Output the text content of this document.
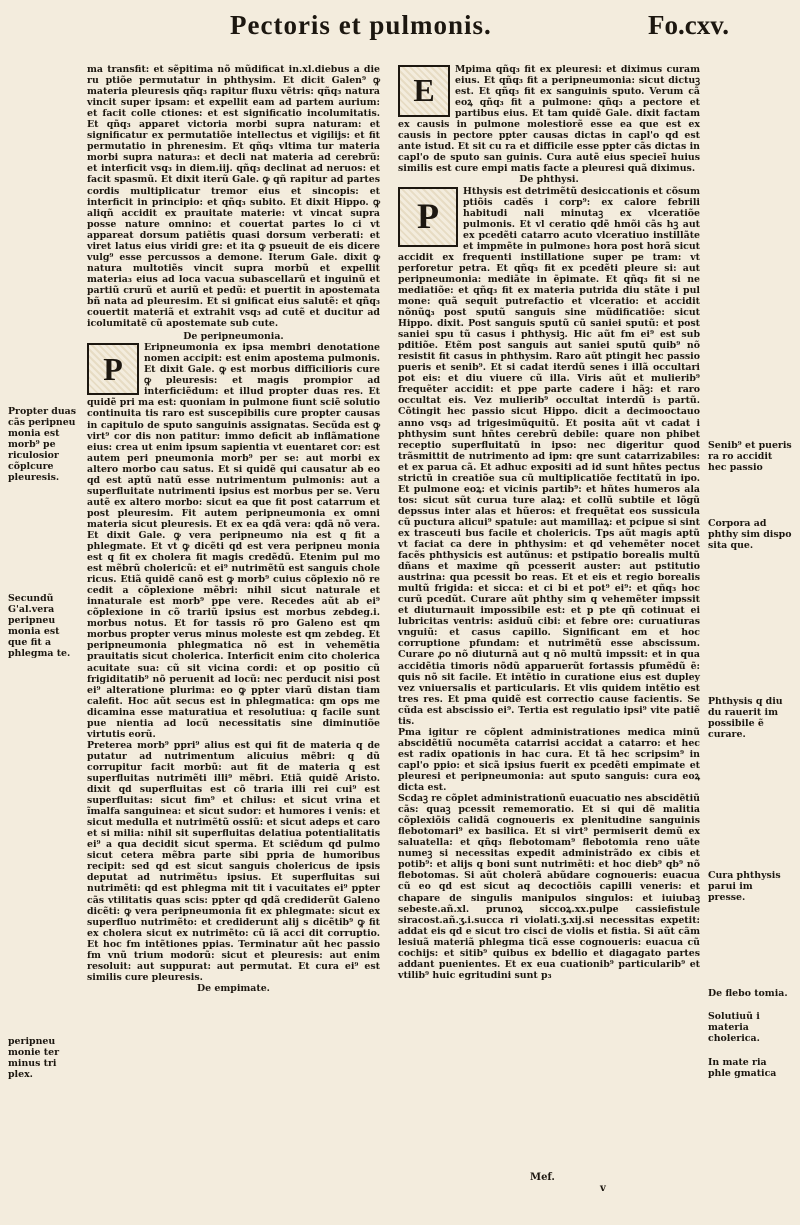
Pectoris et pulmonis.	Fo.cxv.
Propter duas cãs peripneu monia est morb⁹ pe riculosior cõplcure pleuresis.
Secundũ G'al.vera peripneu monia est que fit a phlegma te.
peripneu monie ter minus tri plex.

ma transfit: et sẽpitima nõ mũdificat in.xl.diebus a die ru ptiõe permutatur in phthysim. Et dicit Galen⁹ ꝙ materia pleuresis qñq₃ rapitur fluxu vẽtris: qñq₃ natura vincit super ipsam: et expellit eam ad partem aurium: et facit colle ctiones: et est significatio incolumitatis. Et qñq₃ apparet victoria morbi supra naturam: et significatur ex permutatiõe intellectus et vigilijs: et fit permutatio in phrenesim. Et qñq₃ vltima tur materia morbi supra natura₃: et decli nat materia ad cerebrũ: et interficit vsq₃ in diem.iij. qñq₃ declinat ad neruos: et facit spasmũ. Et dixit iterũ Gale. ꝙ qñ rapitur ad partes cordis multiplicatur tremor eius et sincopis: et interficit in principio: et qñq₃ subito. Et dixit Hippo. ꝙ aliqñ accidit ex prauitate materie: vt vincat supra posse nature omnino: et couertat partes lo ci vt appareat dorsum patiẽtis quasi dorsum verberati: et viret latus eius viridi gre: et ita ꝙ psueuit de eis dicere vulg⁹ esse percussos a demone. Iterum Gale. dixit ꝙ natura multotiẽs vincit supra morbũ et expellit materia₃ eius ad loca vacua subascellarũ et inguinũ et partiũ crurũ et auriũ et pedũ: et puertit in apostemata bñ nata ad pleuresim. Et si gnificat eius salutẽ: et qñq₃ couertit materiã et extrahit vsq₃ ad cutẽ et ducitur ad icolumitatẽ cũ apostemate sub cute.

De peripneumonia.

P

Eripneumonia ex ipsa membri denotatione nomen accipit: est enim apostema pulmonis. Et dixit Gale. ꝙ est morbus difficilioris cure ꝙ pleuresis: et magis prompior ad interficiẽdum: et illud propter duas res. Et quidẽ pri ma est: quoniam in pulmone fiunt sciẽ solutio continuita tis raro est suscepibilis cure propter causas in capitulo de sputo sanguinis assignatas. Secũda est ꝙ virt⁹ cor dis non patitur: immo deficit ab inflãmatione eius: crea ut enim ipsum sapientia vt euentaret cor: est autem peri pneumonia morb⁹ per se: aut morbi ex altero morbo cau satus. Et si quidẽ qui causatur ab eo qd est aptũ natũ esse nutrimentum pulmonis: aut a superfluitate nutrimenti ipsius est morbus per se. Veru autẽ ex altero morbo: sicut ea que fit post catarrum et post pleuresim. Fit autem peripneumonia ex omni materia sicut pleuresis. Et ex ea qdã vera: qdã nõ vera. Et dixit Gale. ꝙ vera peripneumo nia est q fit a phlegmate. Et vt ꝙ dicẽti qd est vera peripneu monia est q fit ex cholera fit magis credẽdũ. Etenim pul mo est mẽbrũ cholericũ: et ei⁹ nutrimẽtũ est sanguis chole ricus. Etiã quidẽ canõ est ꝙ morb⁹ cuius cõplexio nõ re cedit a cõplexione mẽbri: nihil sicut naturale et innaturale est morb⁹ ppe vere. Recedes aũt ab ei⁹ cõplexione in cõ trariũ ipsius est morbus zebdeg.i. morbus notus. Et for tassis rõ pro Galeno est qm morbus propter verus minus moleste est qm zebdeg. Et peripneumonia phlegmatica nõ est in vehemẽtia prauitatis sicut cholerica. Interficit enim cito cholerica acuitate sua: cũ sit vicina cordi: et op positio cũ frigiditatib⁹ nõ peruenit ad locũ: nec perducit nisi post ei⁹ alteratione plurima: eo ꝙ ppter viarũ distan tiam calefit. Hoc aũt secus est in phlegmatica: qm ops me dicamina esse maturatiua et resolutiua: q facile sunt pue nientia ad locũ necessitatis sine diminutiõe virtutis eorũ.

Preterea morb⁹ ppri⁹ alius est qui fit de materia q de putatur ad nutrimentum alicuius mẽbri: q dũ corrupitur facit morbũ: aut fit de materia q est superfluitas nutrimẽti illi⁹ mẽbri. Etiã quidẽ Aristo. dixit qd superfluitas est cõ traria illi rei cui⁹ est superfluitas: sicut fim⁹ et chilus: et sicut vrina et ĩmalfa sanguinea: et sicut sudor: et humores i venis: et sicut medulla et nutrimẽtũ ossiũ: et sicut adeps et caro et si milia: nihil sit superfluitas delatiua potentialitatis ei⁹ a qua decidit sicut sperma. Et sciẽdum qd pulmo sicut cetera mẽbra parte sibi ppria de humoribus recipit: sed qd est sicut sanguis cholericus de ipsis deputat ad nutrimẽtu₃ ipsius. Et superfluitas sui nutrimẽti: qd est phlegma mit tit i vacuitates ei⁹ ppter cãs vtilitatis quas scis: ppter qd qdã crediderũt Galeno dicẽti: ꝙ vera peripneumonia fit ex phlegmate: sicut ex superfluo nutrimẽto: et crediderunt alij s dicẽtib⁹ ꝙ fit ex cholera sicut ex nutrimẽto: cũ iã acci dit corruptio. Et hoc fm intẽtiones ppias. Terminatur aũt hec passio fm vnũ trium modorũ: sicut et pleuresis: aut enim resoluit: aut suppurat: aut permutat. Et cura ei⁹ est similis cure pleuresis.

De empimate.

E

Mpima qñq₃ fit ex pleuresi: et diximus curam eius. Et qñq₃ fit a peripneumonia: sicut dictuꝫ est. Et qñq₃ fit ex sanguinis sputo. Verum cã eoꝝ qñq₃ fit a pulmone: qñq₃ a pectore et partibus eius. Et tam quidẽ Gale. dixit factam ex causis in pulmone molestiorẽ esse ea que est ex causis in pectore ppter causas dictas in capl'o qd est ante istud. Et sit cu ra et difficile esse ppter cãs dictas in capl'o de sputo san guinis. Cura autẽ eius specieĩ huius similis est cure empi matis facte a pleuresi quã diximus.

De phthysi.

P

Hthysis est detrimẽtũ desiccationis et cõsum ptiõis cadẽs i corp⁹: ex calore febrili habitudi nali minutaꝫ ex vlceratiõe pulmonis. Et vl ceratio qdẽ hmõi cãs hꝫ aut ex pcedẽti catarro acuto vlceratiuo instillãte et impmẽte in pulmone₃ hora post horã sicut accidit ex frequenti instillatione super pe tram: vt perforetur petra. Et qñq₃ fit ex pcedẽti pleure si: aut peripneumonia: mediãte in ẽpimate. Et qñq₃ fit si ne mediatiõe: et qñq₃ fit ex materia putrida diu stãte i pul mone: quã sequit putrefactio et vlceratio: et accidit nõnũꝗ₃ post sputũ sanguis sine mũdificatiõe: sicut Hippo. dixit. Post sanguis sputũ cũ saniei sputũ: et post saniei spu tũ casus i phthysiꝫ. Hic aũt fm ei⁹ est sub pditiõe. Etẽm post sanguis aut saniei sputũ quib⁹ nõ resistit fit casus in phthysim. Raro aũt ptingit hec passio pueris et senib⁹. Et si cadat iterdũ senes i illã occultari pot eis: et diu viuere cũ illa. Viris aũt et mulierib⁹ frequẽter accidit: et ppe parte cadere i hãꝫ: et raro occultat eis. Vez mulierib⁹ occultat interdũ i₃ partũ. Cõtingit hec passio sicut Hippo. dicit a decimooctauo anno vsq₃ ad trigesimũquitũ. Et posita aũt vt cadat i phthysim sunt hñtes cerebrũ debile: quare non phibet receptio superfluitatũ in ipso: nec digeritur quod trãsmittit de nutrimento ad ipm: qre sunt catarrizabiles: et ex parua cã. Et adhuc expositi ad id sunt hñtes pectus strictũ in creatiõe sua cũ multiplicatiõe fectitatũ in ipo. Et pulmone eoꝝ: et vicinis partib⁹: et hñtes humeros ala tos: sicut sũt curua ture alaꝝ: et collũ subtile et lõgũ depssus inter alas et hũeros: et frequẽtat eos sussicula cũ puctura alicui⁹ spatule: aut mamillaꝝ: et pcipue si sint ex trasceuti bus facile et cholericis. Tps aũt magis aptũ vt faciat ca dere in phthysim: et qd vehemẽter nocet facẽs phthysicis est autũnus: et pstipatio borealis multũ dñans et maxime qñ pcesserit auster: aut pstitutio austrina: qua pcessit bo reas. Et et eis et regio borealis multũ frigida: et sicca: et ci bi et pot⁹ ei⁹: et qñq₃ hoc curũ pcedũt. Curare aũt phthy sim q vehemẽter impssit et diuturnauit impossibile est: et p pte qñ cotinuat ei lubricitas ventris: asiduũ cibi: et febre ore: curuatiuras vnguiũ: et casus capillo. Significant em et hoc corruptione pfundam: et nutrimẽtũ esse abscissum. Curare ꝓo nõ diuturnã aut q nõ multũ impssit: et in qua accidẽtia timoris nõdũ apparuerũt fortassis pfumẽdũ ẽ: quis nõ sit facile. Et intẽtio in curatione eius est dupley vez vniuersalis et particularis. Et vlis quidem intẽtio est tres res. Et pma quidẽ est correctio cause facientis. Se cũda est abscissio ei⁹. Tertia est regulatio ipsi⁹ vite patiẽ tis.

Pma igitur re cõplent administrationes medica minũ abscidẽtiũ nocumẽta catarrisi accidat a catarro: et hec est radix opationis in hac cura. Et tã hec scripsim⁹ in capl'o ppio: et sicã ipsius fuerit ex pcedẽti empimate et pleuresi et peripneumonia: aut sputo sanguis: cura eoꝝ dicta est.

Scdaꝫ re cõplet administrationũ euacuatio nes abscidẽtiũ cãs: quaꝫ pcessit rememoratio. Et si qui dẽ malitia cõplexiõis calidã cognoueris ex plenitudine sanguinis flebotomari⁹ ex basilica. Et si virt⁹ permiserit demũ ex saluatella: et qñq₃ flebotomam⁹ flebotomia reno uãte numeꝫ si necessitas expedit administrãdo ex cibis et potib⁹: et alijs q boni sunt nutrimẽti: et hoc dieb⁹ qb⁹ nõ flebotomas. Si aũt cholerã abũdare cognoueris: euacua cũ eo qd est sicut aq decoctiõis capilli veneris: et chapare de singulis manipulos singulos: et iuiubaꝫ sebeste.añ.xl. prunoꝝ siccoꝝ.xx.pulpe cassiefistule siracost.añ.ʒ.i.succa ri violati.ʒ.xij.si necessitas expetit: addat eis qd e sicut tro cisci de violis et fistia. Si aũt cãm lesiuã materiã phlegma ticã esse cognoueris: euacua cũ cochijs: et sitib⁹ quibus ex bdellio et diagagato partes addant puenientes. Et ex eua cuationib⁹ particularib⁹ et vtilib⁹ huic egritudini sunt p₃

Senib⁹ et pueris ra ro accidit hec passio
Corpora ad phthy sim dispo sita que.
Phthysis q diu du rauerit im possibile ẽ curare.
Cura phthysis parui im presse.
De flebo tomia.
Solutiuũ i materia cholerica.
In mate ria phle gmatica
Mef.
v
